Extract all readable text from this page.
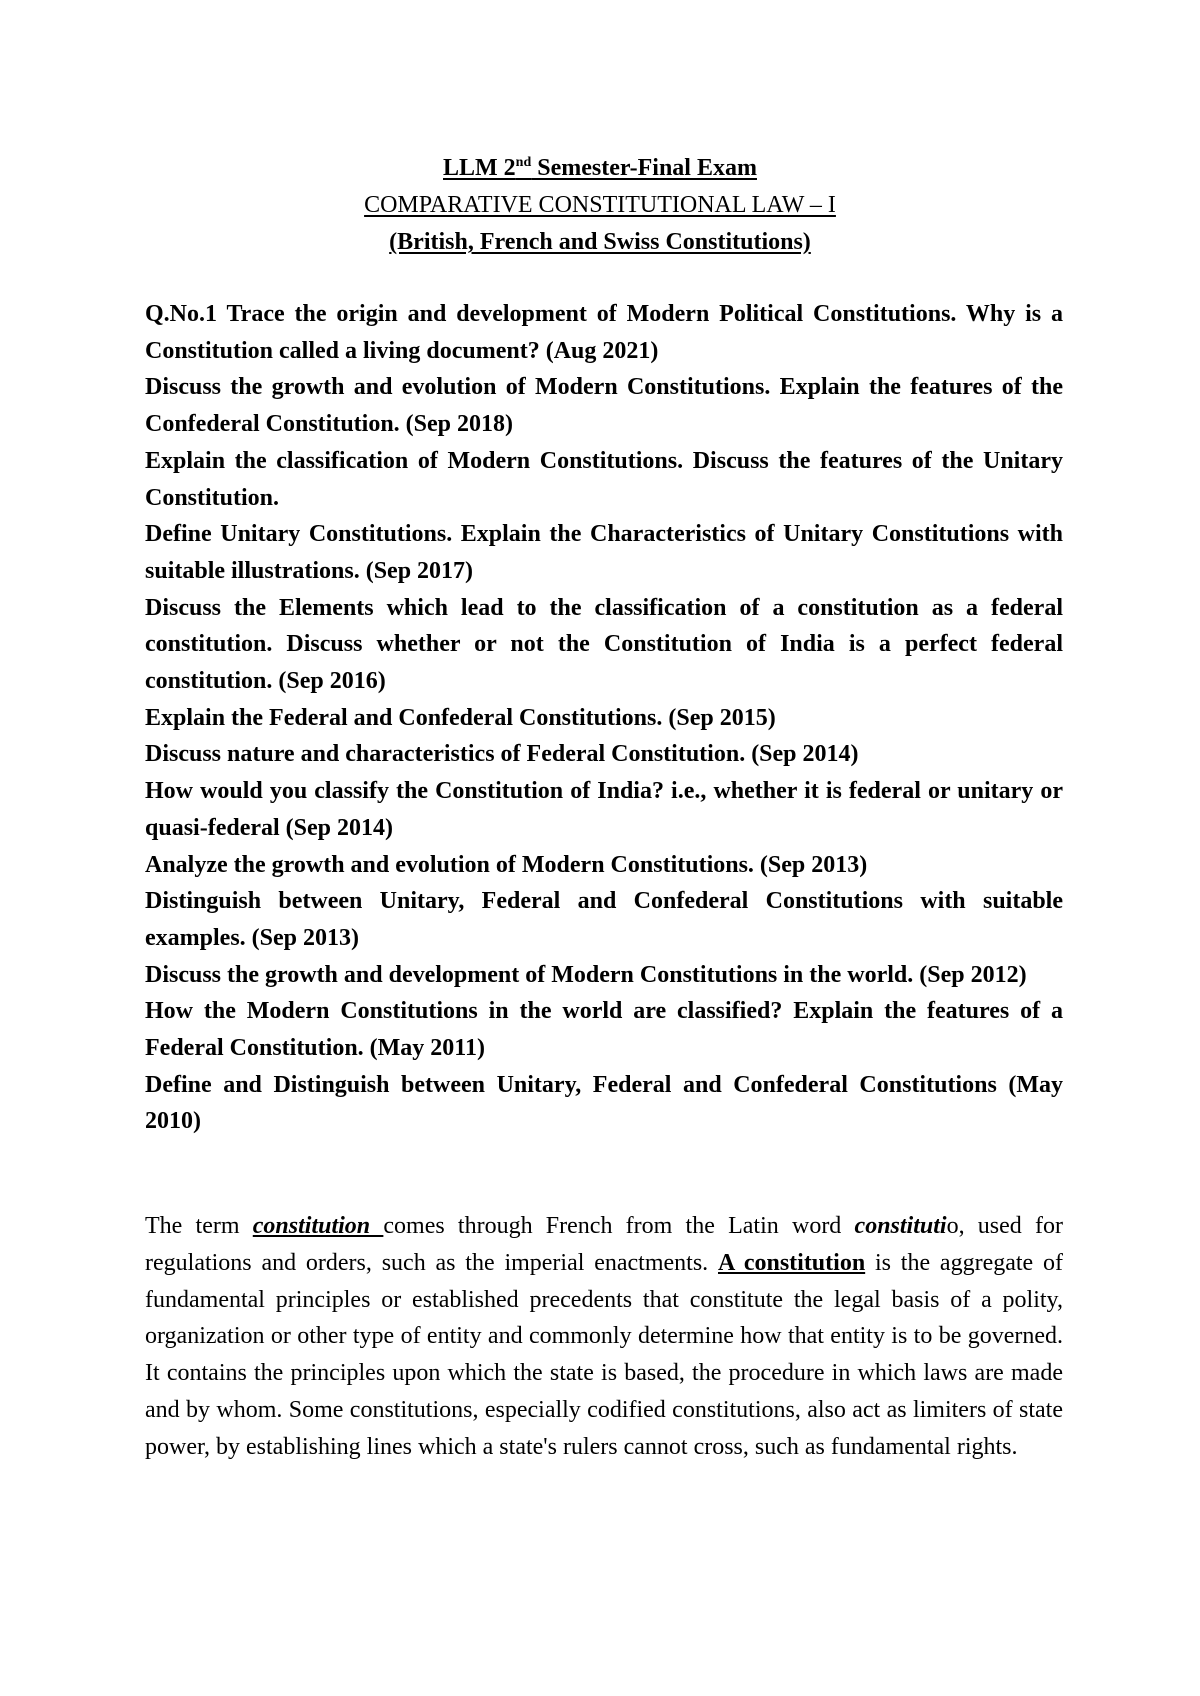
LLM 2nd Semester-Final Exam
COMPARATIVE CONSTITUTIONAL LAW – I
(British, French and Swiss Constitutions)
Q.No.1 Trace the origin and development of Modern Political Constitutions. Why is a Constitution called a living document? (Aug 2021)
Discuss the growth and evolution of Modern Constitutions. Explain the features of the Confederal Constitution. (Sep 2018)
Explain the classification of Modern Constitutions. Discuss the features of the Unitary Constitution.
Define Unitary Constitutions. Explain the Characteristics of Unitary Constitutions with suitable illustrations. (Sep 2017)
Discuss the Elements which lead to the classification of a constitution as a federal constitution. Discuss whether or not the Constitution of India is a perfect federal constitution. (Sep 2016)
Explain the Federal and Confederal Constitutions. (Sep 2015)
Discuss nature and characteristics of Federal Constitution. (Sep 2014)
How would you classify the Constitution of India? i.e., whether it is federal or unitary or quasi-federal (Sep 2014)
Analyze the growth and evolution of Modern Constitutions. (Sep 2013)
Distinguish between Unitary, Federal and Confederal Constitutions with suitable examples. (Sep 2013)
Discuss the growth and development of Modern Constitutions in the world. (Sep 2012)
How the Modern Constitutions in the world are classified? Explain the features of a Federal Constitution. (May 2011)
Define and Distinguish between Unitary, Federal and Confederal Constitutions (May 2010)

The term constitution comes through French from the Latin word constitutio, used for regulations and orders, such as the imperial enactments. A constitution is the aggregate of fundamental principles or established precedents that constitute the legal basis of a polity, organization or other type of entity and commonly determine how that entity is to be governed. It contains the principles upon which the state is based, the procedure in which laws are made and by whom. Some constitutions, especially codified constitutions, also act as limiters of state power, by establishing lines which a state's rulers cannot cross, such as fundamental rights.
